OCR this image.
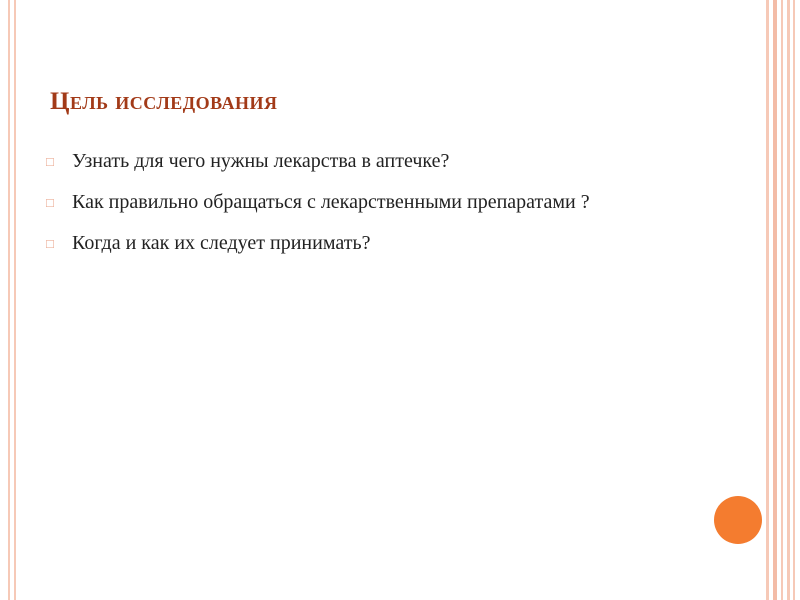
Цель исследования
□ Узнать для чего нужны лекарства в аптечке?
□ Как правильно обращаться с лекарственными препаратами ?
□ Когда и как их следует принимать?
